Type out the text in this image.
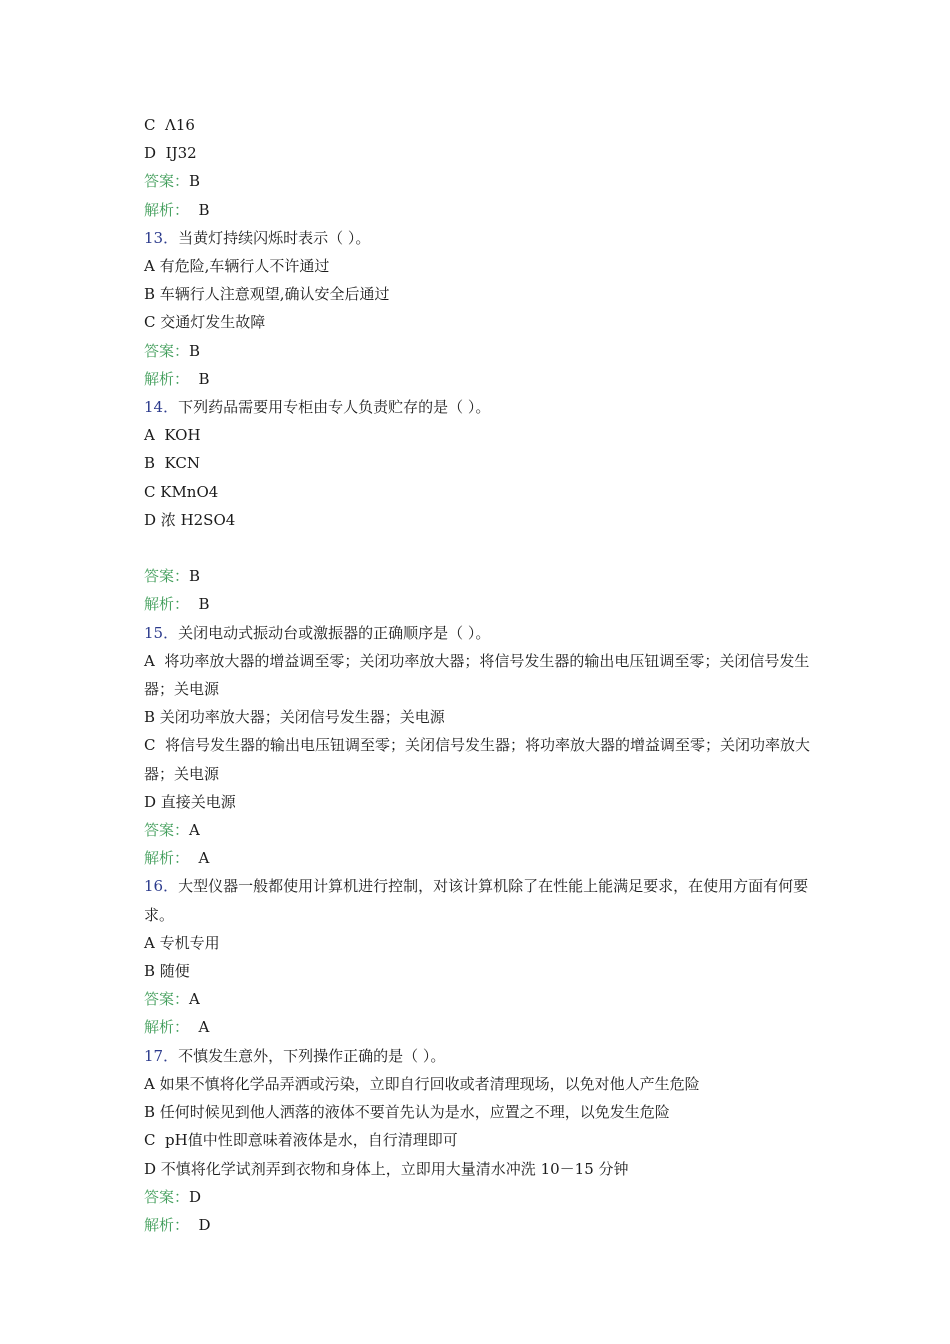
C  Λ16
D  Ĳ32
答案：B
解析：  B
13．当黄灯持续闪烁时表示（ ）。
A 有危险,车辆行人不许通过
B 车辆行人注意观望,确认安全后通过
C 交通灯发生故障
答案：B
解析：  B
14．下列药品需要用专柜由专人负责贮存的是（ ）。
A  KOH
B  KCN
C KMnO4
D 浓 H2SO4
答案：B
解析：  B
15．关闭电动式振动台或激振器的正确顺序是（ ）。
A  将功率放大器的增益调至零；关闭功率放大器；将信号发生器的输出电压钮调至零；关闭信号发生器；关电源
B 关闭功率放大器；关闭信号发生器；关电源
C  将信号发生器的输出电压钮调至零；关闭信号发生器；将功率放大器的增益调至零；关闭功率放大器；关电源
D 直接关电源
答案：A
解析：  A
16．大型仪器一般都使用计算机进行控制，对该计算机除了在性能上能满足要求，在使用方面有何要求。
A 专机专用
B 随便
答案：A
解析：  A
17．不慎发生意外，下列操作正确的是（ ）。
A 如果不慎将化学品弄洒或污染，立即自行回收或者清理现场，以免对他人产生危险
B 任何时候见到他人洒落的液体不要首先认为是水，应置之不理，以免发生危险
C  pH值中性即意味着液体是水，自行清理即可
D 不慎将化学试剂弄到衣物和身体上，立即用大量清水冲洗 10－15 分钟
答案：D
解析：  D
